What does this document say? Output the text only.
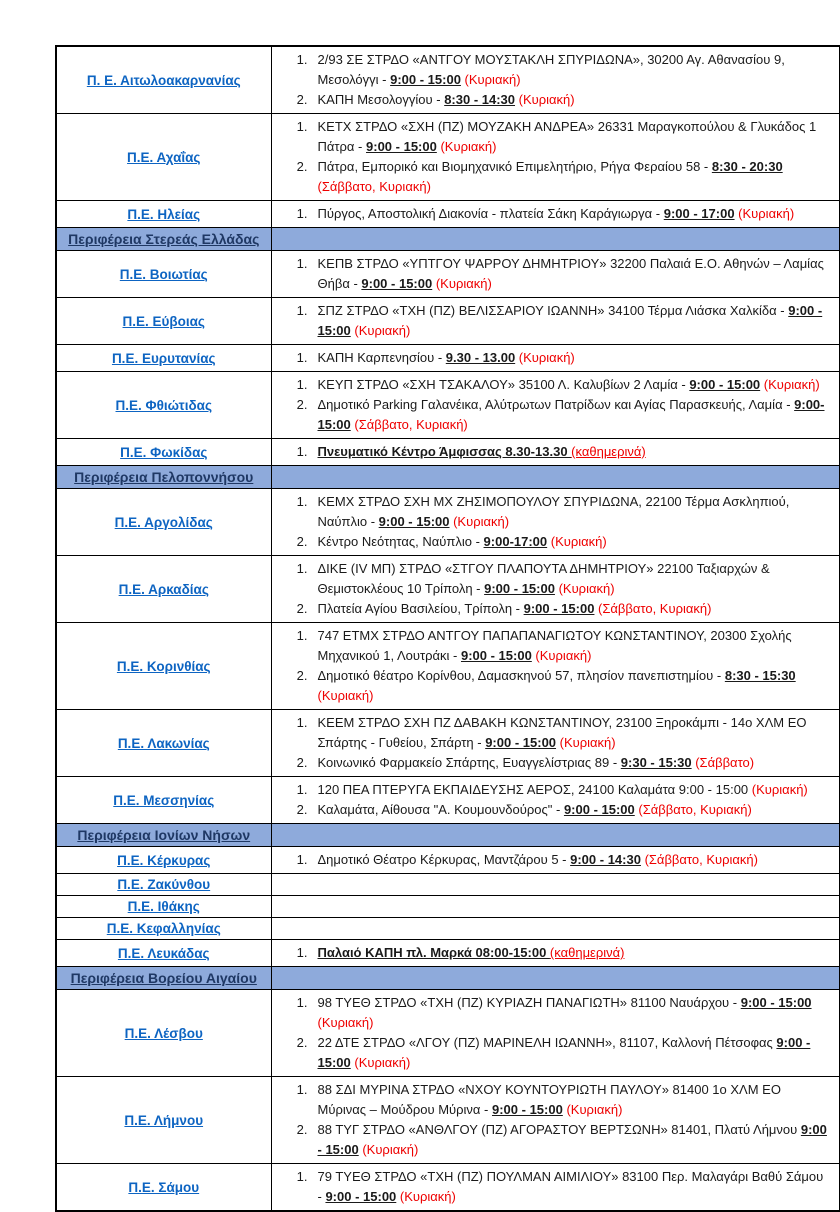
Π. Ε. Αιτωλοακαρνανίας	
1. 2/93 ΣΕ ΣΤΡΔΟ «ΑΝΤΓΟΥ ΜΟΥΣΤΑΚΛΗ ΣΠΥΡΙΔΩΝΑ», 30200 Αγ. Αθανασίου 9, Μεσολόγγι - 9:00 - 15:00 (Κυριακή)
2. ΚΑΠΗ Μεσολογγίου - 8:30 - 14:30 (Κυριακή)

Π.Ε. Αχαΐας	
1. ΚΕΤΧ ΣΤΡΔΟ «ΣΧΗ (ΠΖ) ΜΟΥΖΑΚΗ ΑΝΔΡΕΑ» 26331 Μαραγκοπούλου & Γλυκάδος 1 Πάτρα - 9:00 - 15:00 (Κυριακή)
2. Πάτρα, Εμπορικό και Βιομηχανικό Επιμελητήριο, Ρήγα Φεραίου 58 - 8:30 - 20:30 (Σάββατο, Κυριακή)

Π.Ε. Ηλείας	1. Πύργος, Αποστολική Διακονία - πλατεία Σάκη Καράγιωργα - 9:00 - 17:00 (Κυριακή)

Περιφέρεια Στερεάς Ελλάδας	

Π.Ε. Βοιωτίας	
1. ΚΕΠΒ ΣΤΡΔΟ «ΥΠΤΓΟΥ ΨΑΡΡΟΥ ΔΗΜΗΤΡΙΟΥ» 32200 Παλαιά Ε.Ο. Αθηνών – Λαμίας Θήβα - 9:00 - 15:00 (Κυριακή)

Π.Ε. Εύβοιας	
1. ΣΠΖ ΣΤΡΔΟ «ΤΧΗ (ΠΖ) ΒΕΛΙΣΣΑΡΙΟΥ ΙΩΑΝΝΗ» 34100 Τέρμα Λιάσκα Χαλκίδα - 9:00 - 15:00 (Κυριακή)

Π.Ε. Ευρυτανίας	1. ΚΑΠΗ Καρπενησίου - 9.30 - 13.00 (Κυριακή)

Π.Ε. Φθιώτιδας	
1. ΚΕΥΠ ΣΤΡΔΟ «ΣΧΗ ΤΣΑΚΑΛΟΥ» 35100 Λ. Καλυβίων 2 Λαμία - 9:00 - 15:00 (Κυριακή)
2. Δημοτικό Parking Γαλανέικα, Αλύτρωτων Πατρίδων και Αγίας Παρασκευής, Λαμία - 9:00-15:00 (Σάββατο, Κυριακή)

Π.Ε. Φωκίδας	1. Πνευματικό Κέντρο Άμφισσας 8.30-13.30 (καθημερινά)

Περιφέρεια Πελοποννήσου	

Π.Ε. Αργολίδας	
1. ΚΕΜΧ ΣΤΡΔΟ ΣΧΗ ΜΧ ΖΗΣΙΜΟΠΟΥΛΟΥ ΣΠΥΡΙΔΩΝΑ, 22100 Τέρμα Ασκληπιού, Ναύπλιο - 9:00 - 15:00 (Κυριακή)
2. Κέντρο Νεότητας, Ναύπλιο - 9:00-17:00 (Κυριακή)

Π.Ε. Αρκαδίας	
1. ΔΙΚΕ (IV ΜΠ) ΣΤΡΔΟ «ΣΤΓΟΥ ΠΛΑΠΟΥΤΑ ΔΗΜΗΤΡΙΟΥ» 22100 Ταξιαρχών & Θεμιστοκλέους 10 Τρίπολη - 9:00 - 15:00 (Κυριακή)
2. Πλατεία Αγίου Βασιλείου, Τρίπολη - 9:00 - 15:00 (Σάββατο, Κυριακή)

Π.Ε. Κορινθίας	
1. 747 ΕΤΜΧ ΣΤΡΔΟ ΑΝΤΓΟΥ ΠΑΠΑΠΑΝΑΓΙΩΤΟΥ ΚΩΝΣΤΑΝΤΙΝΟΥ, 20300 Σχολής Μηχανικού 1, Λουτράκι - 9:00 - 15:00 (Κυριακή)
2. Δημοτικό θέατρο Κορίνθου, Δαμασκηνού 57, πλησίον πανεπιστημίου - 8:30 - 15:30 (Κυριακή)

Π.Ε. Λακωνίας	
1. ΚΕΕΜ ΣΤΡΔΟ ΣΧΗ ΠΖ ΔΑΒΑΚΗ ΚΩΝΣΤΑΝΤΙΝΟΥ, 23100 Ξηροκάμπι - 14ο ΧΛΜ ΕΟ Σπάρτης - Γυθείου, Σπάρτη - 9:00 - 15:00 (Κυριακή)
2. Κοινωνικό Φαρμακείο Σπάρτης, Ευαγγελίστριας 89 - 9:30 - 15:30 (Σάββατο)

Π.Ε. Μεσσηνίας	
1. 120 ΠΕΑ ΠΤΕΡΥΓΑ ΕΚΠΑΙΔΕΥΣΗΣ ΑΕΡΟΣ, 24100 Καλαμάτα 9:00 - 15:00 (Κυριακή)
2. Καλαμάτα, Αίθουσα "Α. Κουμουνδούρος" - 9:00 - 15:00 (Σάββατο, Κυριακή)

Περιφέρεια Ιονίων Νήσων	

Π.Ε. Κέρκυρας	1. Δημοτικό Θέατρο Κέρκυρας, Μαντζάρου 5 - 9:00 - 14:30 (Σάββατο, Κυριακή)

Π.Ε. Ζακύνθου	
Π.Ε. Ιθάκης	
Π.Ε. Κεφαλληνίας	
Π.Ε. Λευκάδας	1. Παλαιό ΚΑΠΗ πλ. Μαρκά 08:00-15:00 (καθημερινά)

Περιφέρεια Βορείου Αιγαίου	

Π.Ε. Λέσβου	
1. 98 ΤΥΕΘ ΣΤΡΔΟ «ΤΧΗ (ΠΖ) ΚΥΡΙΑΖΗ ΠΑΝΑΓΙΩΤΗ» 81100 Ναυάρχου - 9:00 - 15:00 (Κυριακή)
2. 22 ΔΤΕ ΣΤΡΔΟ «ΛΓΟΥ (ΠΖ) ΜΑΡΙΝΕΛΗ ΙΩΑΝΝΗ», 81107, Καλλονή Πέτσοφας 9:00 - 15:00 (Κυριακή)

Π.Ε. Λήμνου	
1. 88 ΣΔΙ ΜΥΡΙΝΑ ΣΤΡΔΟ «ΝΧΟΥ ΚΟΥΝΤΟΥΡΙΩΤΗ ΠΑΥΛΟΥ» 81400 1ο ΧΛΜ ΕΟ Μύρινας – Μούδρου Μύρινα - 9:00 - 15:00 (Κυριακή)
2. 88 ΤΥΓ ΣΤΡΔΟ «ΑΝΘΛΓΟΥ (ΠΖ) ΑΓΟΡΑΣΤΟΥ ΒΕΡΤΣΩΝΗ» 81401, Πλατύ Λήμνου 9:00 - 15:00 (Κυριακή)

Π.Ε. Σάμου	
1. 79 ΤΥΕΘ ΣΤΡΔΟ «ΤΧΗ (ΠΖ) ΠΟΥΛΜΑΝ ΑΙΜΙΛΙΟΥ» 83100 Περ. Μαλαγάρι Βαθύ Σάμου - 9:00 - 15:00 (Κυριακή)
